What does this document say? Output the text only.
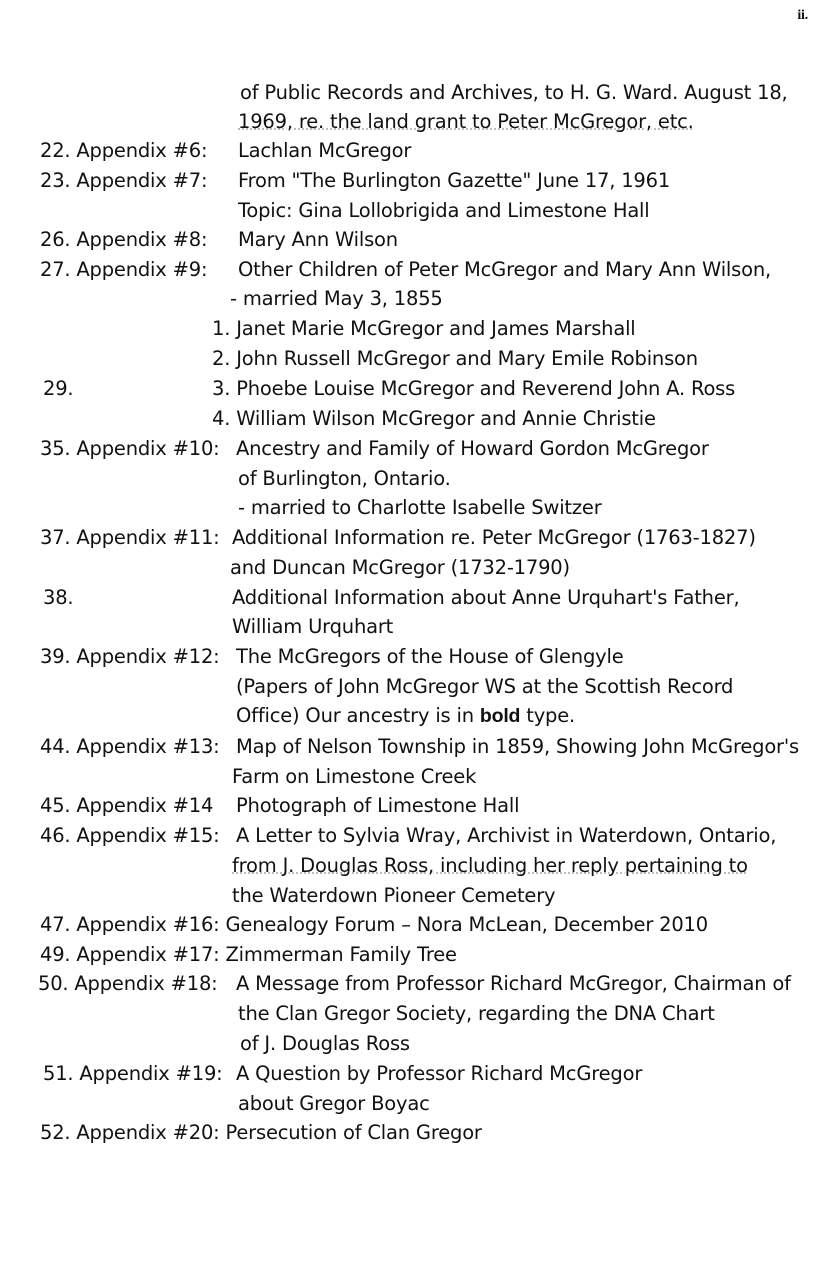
ii.
of Public Records and Archives, to H. G. Ward. August 18,
1969, re. the land grant to Peter McGregor, etc.
22. Appendix #6: Lachlan McGregor
23. Appendix #7: From "The Burlington Gazette" June 17, 1961
Topic: Gina Lollobrigida and Limestone Hall
26. Appendix #8: Mary Ann Wilson
27. Appendix #9: Other Children of Peter McGregor and Mary Ann Wilson,
- married May 3, 1855
1. Janet Marie McGregor and James Marshall
2. John Russell McGregor and Mary Emile Robinson
29.	3. Phoebe Louise McGregor and Reverend John A. Ross
4. William Wilson McGregor and Annie Christie
35. Appendix #10: Ancestry and Family of Howard Gordon McGregor
of Burlington, Ontario.
- married to Charlotte Isabelle Switzer
37. Appendix #11: Additional Information re. Peter McGregor (1763-1827)
and Duncan McGregor (1732-1790)
38.	Additional Information about Anne Urquhart's Father,
William Urquhart
39. Appendix #12: The McGregors of the House of Glengyle
(Papers of John McGregor WS at the Scottish Record
Office) Our ancestry is in bold type.
44. Appendix #13: Map of Nelson Township in 1859, Showing John McGregor's
Farm on Limestone Creek
45. Appendix #14 Photograph of Limestone Hall
46. Appendix #15: A Letter to Sylvia Wray, Archivist in Waterdown, Ontario,
from J. Douglas Ross, including her reply pertaining to
the Waterdown Pioneer Cemetery
47. Appendix #16: Genealogy Forum – Nora McLean, December 2010
49. Appendix #17: Zimmerman Family Tree
50. Appendix #18: A Message from Professor Richard McGregor, Chairman of
the Clan Gregor Society, regarding the DNA Chart
of J. Douglas Ross
51. Appendix #19: A Question by Professor Richard McGregor
about Gregor Boyac
52. Appendix #20: Persecution of Clan Gregor
